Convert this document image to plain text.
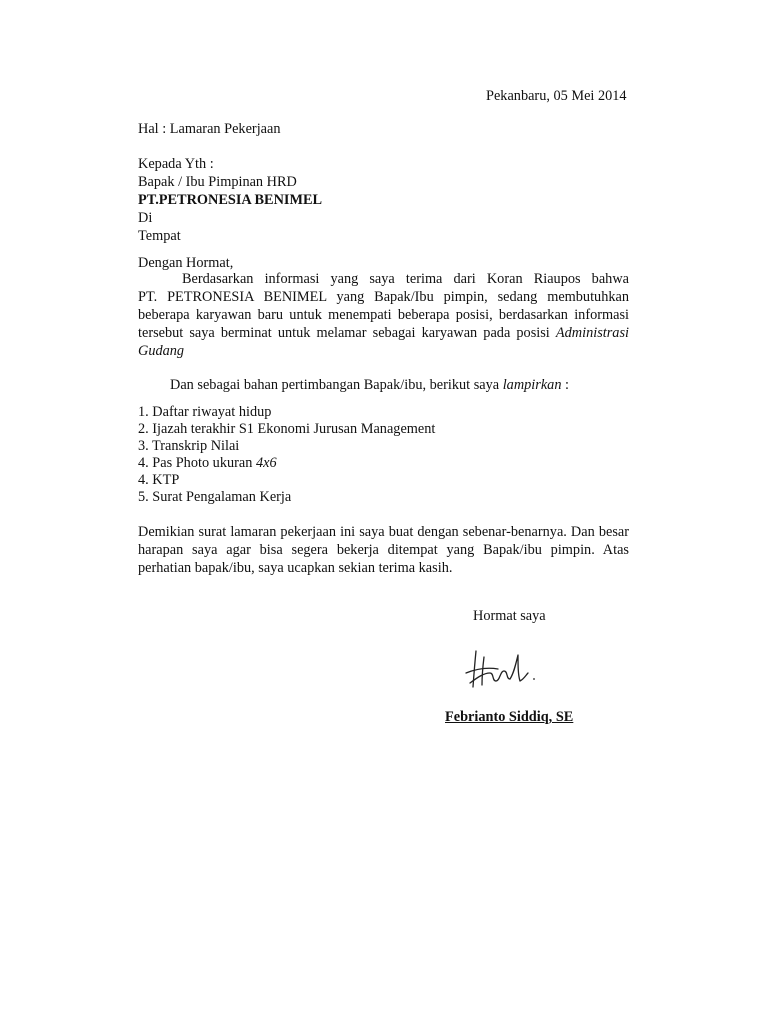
Pekanbaru, 05 Mei 2014
Hal : Lamaran Pekerjaan
Kepada Yth :
Bapak / Ibu Pimpinan HRD
PT.PETRONESIA BENIMEL
Di
Tempat
Dengan Hormat,
Berdasarkan informasi yang saya terima dari Koran Riaupos bahwa
PT. PETRONESIA BENIMEL yang Bapak/Ibu pimpin, sedang membutuhkan
beberapa karyawan baru untuk menempati beberapa posisi, berdasarkan informasi
tersebut saya berminat untuk melamar sebagai karyawan pada posisi Administrasi
Gudang
Dan sebagai bahan pertimbangan Bapak/ibu, berikut saya lampirkan :
1. Daftar riwayat hidup
2. Ijazah terakhir S1 Ekonomi Jurusan Management
3. Transkrip Nilai
4. Pas Photo ukuran 4x6
4. KTP
5. Surat Pengalaman Kerja
Demikian surat lamaran pekerjaan ini saya buat dengan sebenar-benarnya. Dan besar
harapan saya agar bisa segera bekerja ditempat yang Bapak/ibu pimpin. Atas
perhatian bapak/ibu, saya ucapkan sekian terima kasih.
Hormat saya
Febrianto Siddiq, SE
